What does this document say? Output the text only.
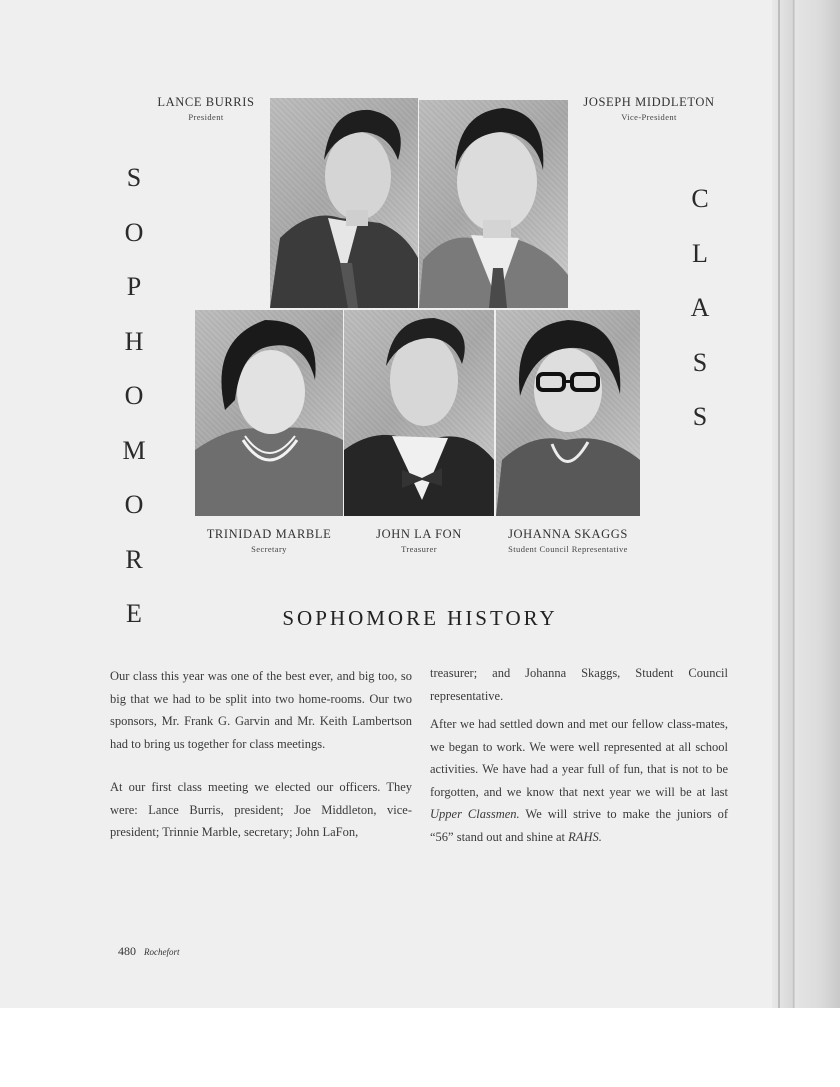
LANCE BURRIS
President
JOSEPH MIDDLETON
Vice-President
S
O
P
H
O
M
O
R
E
C
L
A
S
S
TRINIDAD MARBLE
Secretary
JOHN LA FON
Treasurer
JOHANNA SKAGGS
Student Council Representative
SOPHOMORE HISTORY

Our class this year was one of the best ever, and big too, so big that we had to be split into two home-rooms. Our two sponsors, Mr. Frank G. Garvin and Mr. Keith Lambertson had to bring us together for class meetings.

At our first class meeting we elected our officers. They were: Lance Burris, president; Joe Middleton, vice-president; Trinnie Marble, secretary; John LaFon,

treasurer; and Johanna Skaggs, Student Council representative.

After we had settled down and met our fellow class-mates, we began to work. We were well represented at all school activities. We have had a year full of fun, that is not to be forgotten, and we know that next year we will be at last Upper Classmen. We will strive to make the juniors of “56” stand out and shine at RAHS.

480 Rochefort
